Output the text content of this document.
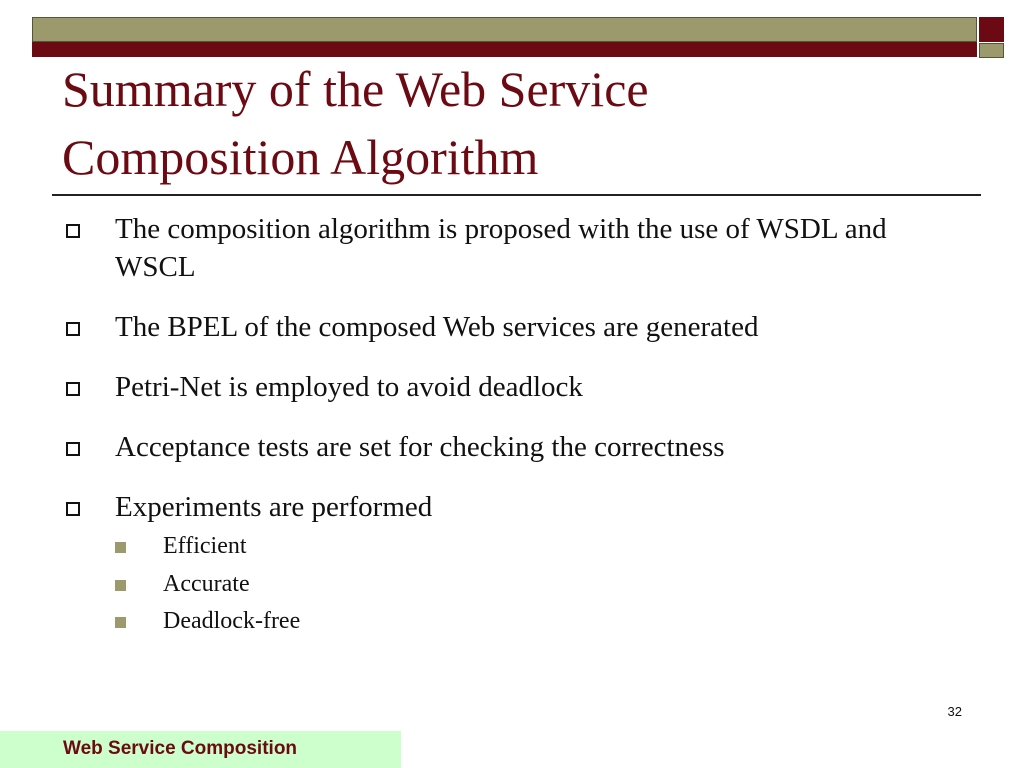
Summary of the Web Service
Composition Algorithm
The composition algorithm is proposed with the use of WSDL and WSCL
The BPEL of the composed Web services are generated
Petri-Net is employed to avoid deadlock
Acceptance tests are set for checking the correctness
Experiments are performed
Efficient
Accurate
Deadlock-free
32
Web Service Composition
